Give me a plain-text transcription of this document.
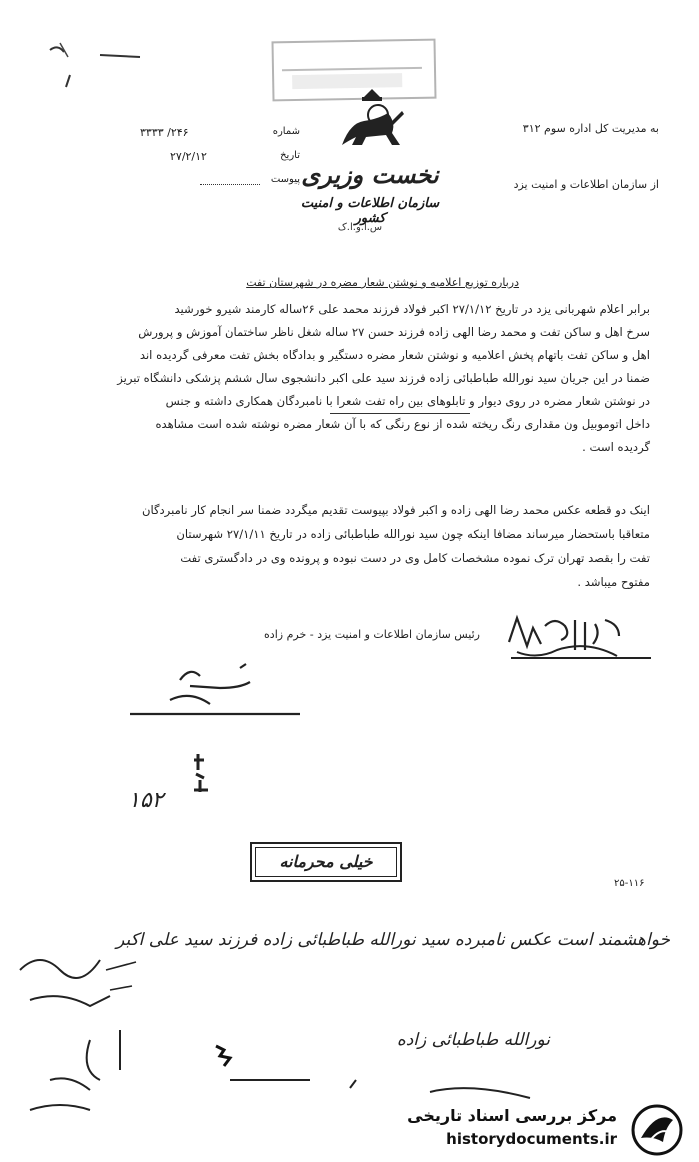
نخست وزیری
سازمان اطلاعات و امنیت کشور
س.ا.و.ا.ک
شماره
۲۴۶/ ۳۳۳۳
تاریخ
۲۷/۲/۱۲
پیوست
به مدیریت کل اداره سوم ۳۱۲
از سازمان اطلاعات و امنیت یزد
درباره توزیع اعلامیه و نوشتن شعار مضره در شهرستان تفت
برابر اعلام شهربانی یزد در تاریخ ۲۷/۱/۱۲ اکبر فولاد فرزند محمد علی ۲۶ساله کارمند شیرو خورشید
سرخ اهل و ساکن تفت و محمد رضا الهی زاده فرزند حسن ۲۷ ساله شغل ناظر ساختمان آموزش و پرورش
اهل و ساکن تفت باتهام پخش اعلامیه و نوشتن شعار مضره دستگیر و بدادگاه بخش تفت معرفی گردیده اند
ضمنا در این جریان سید نورالله طباطبائی زاده فرزند سید علی اکبر دانشجوی سال ششم پزشکی دانشگاه تبریز
در نوشتن شعار مضره در روی دیوار و تابلوهای بین راه تفت شعرا با نامبردگان همکاری داشته و جنس
داخل اتوموبیل ون مقداری رنگ ریخته شده از نوع رنگی که با آن شعار مضره نوشته شده است مشاهده
گردیده است .
اینک دو قطعه عکس محمد رضا الهی زاده و اکبر فولاد بپیوست تقدیم میگردد ضمنا سر انجام کار نامبردگان
متعاقبا باستحضار میرساند مضافا اینکه چون سید نورالله طباطبائی زاده در تاریخ ۲۷/۱/۱۱ شهرستان
تفت را بقصد تهران ترک نموده مشخصات کامل وی در دست نبوده و پرونده وی در دادگستری تفت
مفتوح میباشد .
رئیس سازمان اطلاعات و امنیت یزد - خرم زاده
۱۵۲
خیلی محرمانه
۲۵-۱۱۶
خواهشمند است عکس نامبرده سید نورالله طباطبائی زاده فرزند سید علی اکبر
نورالله طباطبائی زاده
مرکز بررسی اسناد تاریخی
historydocuments.ir
